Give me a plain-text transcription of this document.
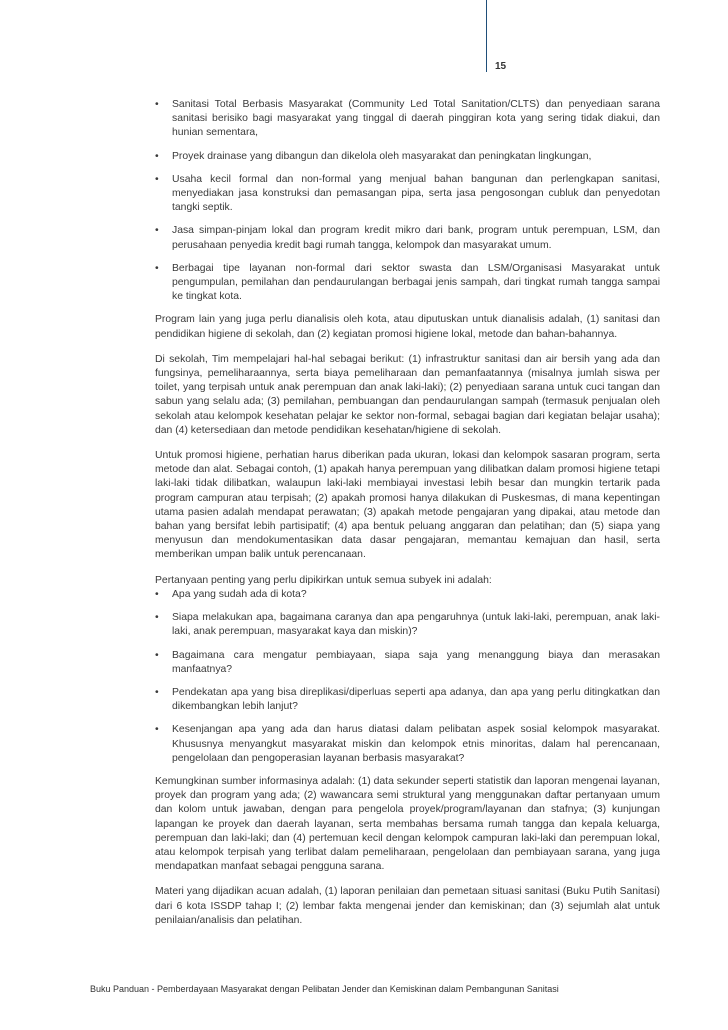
15
• Sanitasi Total Berbasis Masyarakat (Community Led Total Sanitation/CLTS) dan penyediaan sarana sanitasi berisiko bagi masyarakat yang tinggal di daerah pinggiran kota yang sering tidak diakui, dan hunian sementara,
• Proyek drainase yang dibangun dan dikelola oleh masyarakat dan peningkatan lingkungan,
• Usaha kecil formal dan non-formal yang menjual bahan bangunan dan perlengkapan sanitasi, menyediakan jasa konstruksi dan pemasangan pipa, serta jasa pengosongan cubluk dan penyedotan tangki septik.
• Jasa simpan-pinjam lokal dan program kredit mikro dari bank, program untuk perempuan, LSM, dan perusahaan penyedia kredit bagi rumah tangga, kelompok dan masyarakat umum.
• Berbagai tipe layanan non-formal dari sektor swasta dan LSM/Organisasi Masyarakat untuk pengumpulan, pemilahan dan pendaurulangan berbagai jenis sampah, dari tingkat rumah tangga sampai ke tingkat kota.

Program lain yang juga perlu dianalisis oleh kota, atau diputuskan untuk dianalisis adalah, (1) sanitasi dan pendidikan higiene di sekolah, dan (2) kegiatan promosi higiene lokal, metode dan bahan-bahannya.

Di sekolah, Tim mempelajari hal-hal sebagai berikut: (1) infrastruktur sanitasi dan air bersih yang ada dan fungsinya, pemeliharaannya, serta biaya pemeliharaan dan pemanfaatannya (misalnya jumlah siswa per toilet, yang terpisah untuk anak perempuan dan anak laki-laki); (2) penyediaan sarana untuk cuci tangan dan sabun yang selalu ada; (3) pemilahan, pembuangan dan pendaurulangan sampah (termasuk penjualan oleh sekolah atau kelompok kesehatan pelajar ke sektor non-formal, sebagai bagian dari kegiatan belajar usaha); dan (4) ketersediaan dan metode pendidikan kesehatan/higiene di sekolah.

Untuk promosi higiene, perhatian harus diberikan pada ukuran, lokasi dan kelompok sasaran program, serta metode dan alat. Sebagai contoh, (1) apakah hanya perempuan yang dilibatkan dalam promosi higiene tetapi laki-laki tidak dilibatkan, walaupun laki-laki membiayai investasi lebih besar dan mungkin tertarik pada program campuran atau terpisah; (2) apakah promosi hanya dilakukan di Puskesmas, di mana kepentingan utama pasien adalah mendapat perawatan; (3) apakah metode pengajaran yang dipakai, atau metode dan bahan yang bersifat lebih partisipatif; (4) apa bentuk peluang anggaran dan pelatihan; dan (5) siapa yang menyusun dan mendokumentasikan data dasar pengajaran, memantau kemajuan dan hasil, serta memberikan umpan balik untuk perencanaan.

Pertanyaan penting yang perlu dipikirkan untuk semua subyek ini adalah:

• Apa yang sudah ada di kota?
• Siapa melakukan apa, bagaimana caranya dan apa pengaruhnya (untuk laki-laki, perempuan, anak laki-laki, anak perempuan, masyarakat kaya dan miskin)?
• Bagaimana cara mengatur pembiayaan, siapa saja yang menanggung biaya dan merasakan manfaatnya?
• Pendekatan apa yang bisa direplikasi/diperluas seperti apa adanya, dan apa yang perlu ditingkatkan dan dikembangkan lebih lanjut?
• Kesenjangan apa yang ada dan harus diatasi dalam pelibatan aspek sosial kelompok masyarakat. Khususnya menyangkut masyarakat miskin dan kelompok etnis minoritas, dalam hal perencanaan, pengelolaan dan pengoperasian layanan berbasis masyarakat?

Kemungkinan sumber informasinya adalah: (1) data sekunder seperti statistik dan laporan mengenai layanan, proyek dan program yang ada; (2) wawancara semi struktural yang menggunakan daftar pertanyaan umum dan kolom untuk jawaban, dengan para pengelola proyek/program/layanan dan stafnya; (3) kunjungan lapangan ke proyek dan daerah layanan, serta membahas bersama rumah tangga dan kepala keluarga, perempuan dan laki-laki; dan (4) pertemuan kecil dengan kelompok campuran laki-laki dan perempuan lokal, atau kelompok terpisah yang terlibat dalam pemeliharaan, pengelolaan dan pembiayaan sarana, yang juga mendapatkan manfaat sebagai pengguna sarana.

Materi yang dijadikan acuan adalah, (1) laporan penilaian dan pemetaan situasi sanitasi (Buku Putih Sanitasi) dari 6 kota ISSDP tahap I; (2) lembar fakta mengenai jender dan kemiskinan; dan (3) sejumlah alat untuk penilaian/analisis dan pelatihan.

Buku Panduan - Pemberdayaan Masyarakat dengan Pelibatan Jender dan Kemiskinan dalam Pembangunan Sanitasi
